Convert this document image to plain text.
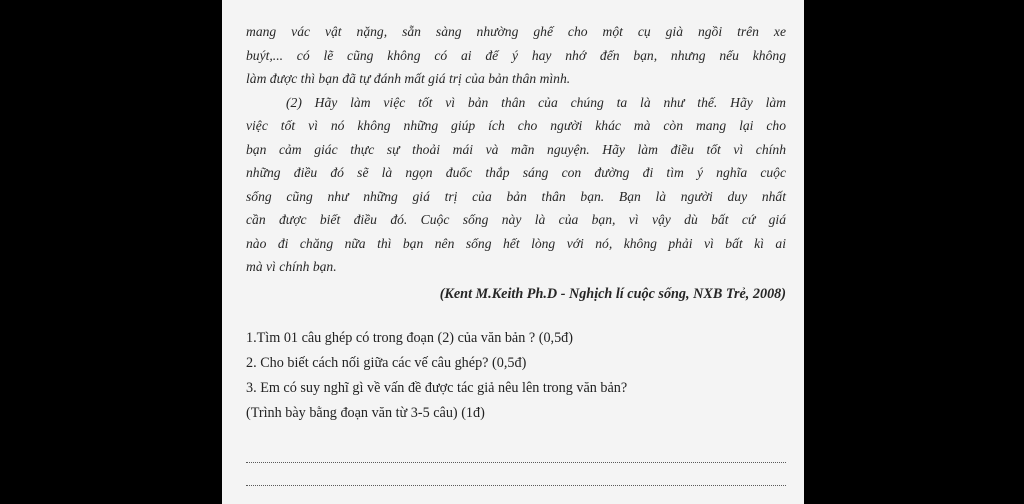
mang vác vật nặng, sẵn sàng nhường ghế cho một cụ già ngồi trên xe
buýt,... có lẽ cũng không có ai để ý hay nhớ đến bạn, nhưng nếu không
làm được thì bạn đã tự đánh mất giá trị của bản thân mình.
(2) Hãy làm việc tốt vì bản thân của chúng ta là như thế. Hãy làm
việc tốt vì nó không những giúp ích cho người khác mà còn mang lại cho
bạn cảm giác thực sự thoải mái và mãn nguyện. Hãy làm điều tốt vì chính
những điều đó sẽ là ngọn đuốc thắp sáng con đường đi tìm ý nghĩa cuộc
sống cũng như những giá trị của bản thân bạn. Bạn là người duy nhất
cần được biết điều đó. Cuộc sống này là của bạn, vì vậy dù bất cứ giá
nào đi chăng nữa thì bạn nên sống hết lòng với nó, không phải vì bất kì ai
mà vì chính bạn.
(Kent M.Keith Ph.D - Nghịch lí cuộc sống, NXB Trẻ, 2008)
1.Tìm 01 câu ghép có trong đoạn (2) của văn bản ? (0,5đ)
2. Cho biết cách nối giữa các vế câu ghép? (0,5đ)
3. Em có suy nghĩ gì về vấn đề được tác giả nêu lên trong văn bản?
(Trình bày bằng đoạn văn từ 3-5 câu) (1đ)
